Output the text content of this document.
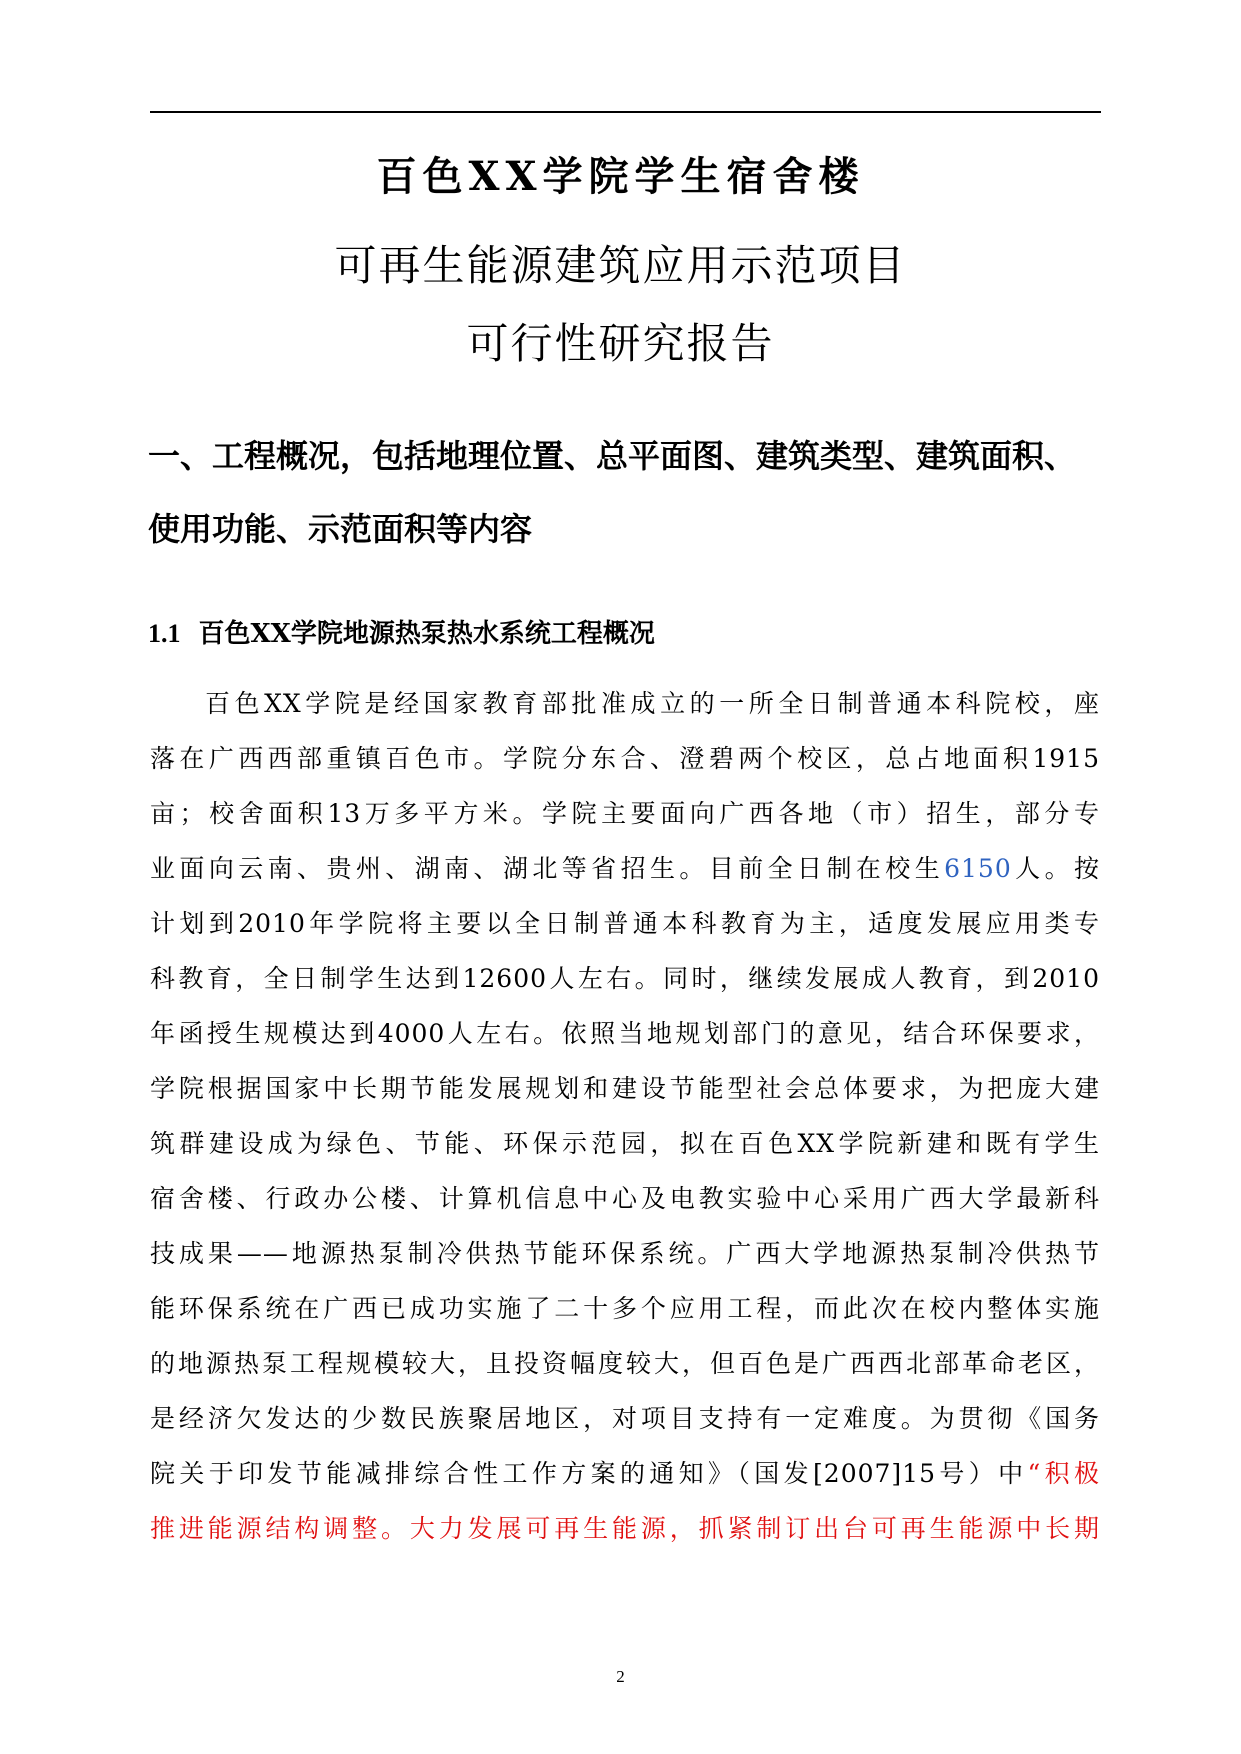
百色XX学院学生宿舍楼

可再生能源建筑应用示范项目

可行性研究报告

一、工程概况，包括地理位置、总平面图、建筑类型、建筑面积、
使用功能、示范面积等内容
1.1 百色XX学院地源热泵热水系统工程概况

百色XX学院是经国家教育部批准成立的一所全日制普通本科院校，座

落在广西西部重镇百色市。学院分东合、澄碧两个校区，总占地面积1915

亩；校舍面积13万多平方米。学院主要面向广西各地（市）招生，部分专

业面向云南、贵州、湖南、湖北等省招生。目前全日制在校生6150人。按

计划到2010年学院将主要以全日制普通本科教育为主，适度发展应用类专

科教育，全日制学生达到12600人左右。同时，继续发展成人教育，到2010

年函授生规模达到4000人左右。依照当地规划部门的意见，结合环保要求，

学院根据国家中长期节能发展规划和建设节能型社会总体要求，为把庞大建

筑群建设成为绿色、节能、环保示范园，拟在百色XX学院新建和既有学生

宿舍楼、行政办公楼、计算机信息中心及电教实验中心采用广西大学最新科

技成果——地源热泵制冷供热节能环保系统。广西大学地源热泵制冷供热节

能环保系统在广西已成功实施了二十多个应用工程，而此次在校内整体实施

的地源热泵工程规模较大，且投资幅度较大，但百色是广西西北部革命老区，

是经济欠发达的少数民族聚居地区，对项目支持有一定难度。为贯彻《国务

院关于印发节能减排综合性工作方案的通知》（国发[2007]15号）中“积极

推进能源结构调整。大力发展可再生能源，抓紧制订出台可再生能源中长期

2
